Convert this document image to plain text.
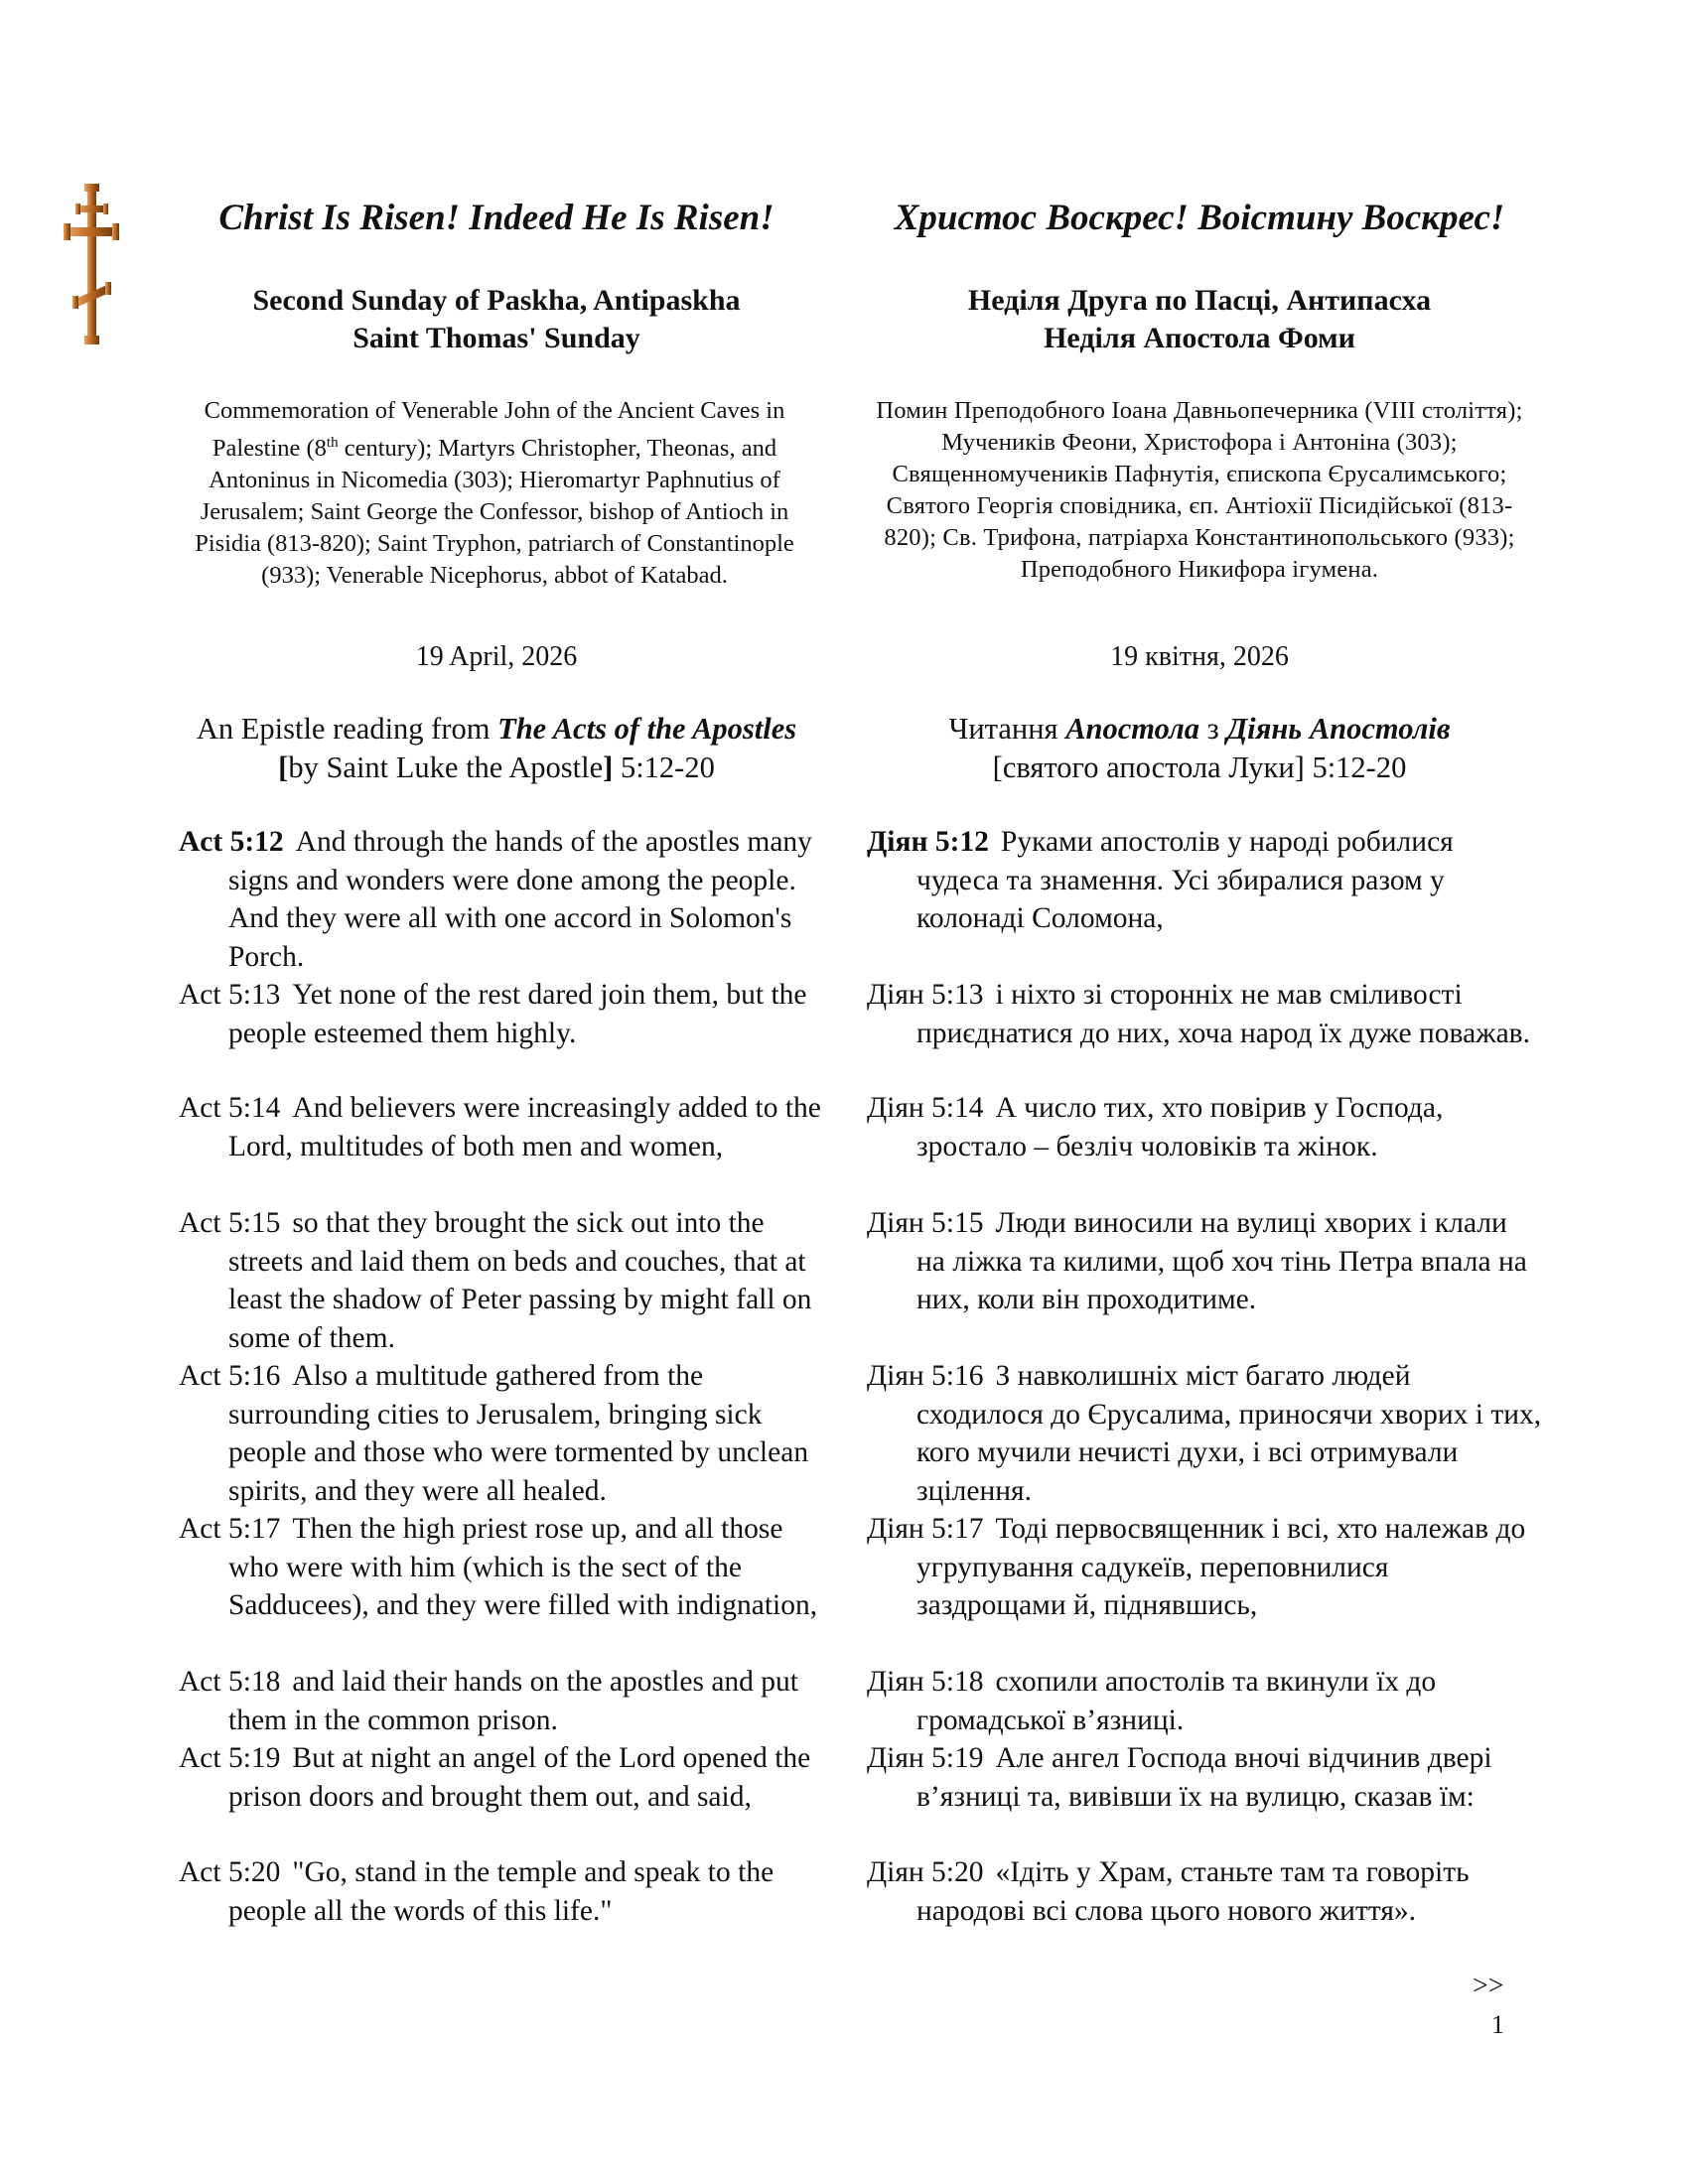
Christ Is Risen! Indeed He Is Risen!
Second Sunday of Paskha, Antipaskha
Saint Thomas' Sunday

Commemoration of Venerable John of the Ancient Caves in Palestine (8th century); Martyrs Christopher, Theonas, and Antoninus in Nicomedia (303); Hieromartyr Paphnutius of Jerusalem; Saint George the Confessor, bishop of Antioch in Pisidia (813-820); Saint Tryphon, patriarch of Constantinople (933); Venerable Nicephorus, abbot of Katabad.

19 April, 2026

An Epistle reading from The Acts of the Apostles [by Saint Luke the Apostle] 5:12-20

Христос Воскрес! Воістину Воскрес!
Неділя Друга по Пасці, Антипасха
Неділя Апостола Фоми

Помин Преподобного Іоана Давньопечерника (VIII століття); Мучеників Феони, Христофора і Антоніна (303); Священномучеників Пафнутія, єпископа Єрусалимського; Святого Георгія сповідника, єп. Антіохії Пісидійської (813-820); Св. Трифона, патріарха Константинопольського (933); Преподобного Никифора ігумена.

19 квітня, 2026

Читання Апостола з Діянь Апостолів
[святого апостола Луки] 5:12-20

Act 5:12 And through the hands of the apostles many signs and wonders were done among the people. And they were all with one accord in Solomon's Porch.

Act 5:13 Yet none of the rest dared join them, but the people esteemed them highly.

Act 5:14 And believers were increasingly added to the Lord, multitudes of both men and women,

Act 5:15 so that they brought the sick out into the streets and laid them on beds and couches, that at least the shadow of Peter passing by might fall on some of them.

Act 5:16 Also a multitude gathered from the surrounding cities to Jerusalem, bringing sick people and those who were tormented by unclean spirits, and they were all healed.

Act 5:17 Then the high priest rose up, and all those who were with him (which is the sect of the Sadducees), and they were filled with indignation,

Act 5:18 and laid their hands on the apostles and put them in the common prison.

Act 5:19 But at night an angel of the Lord opened the prison doors and brought them out, and said,

Act 5:20 "Go, stand in the temple and speak to the people all the words of this life."

Діян 5:12 Руками апостолів у народі робилися чудеса та знамення. Усі збиралися разом у колонаді Соломона,

Діян 5:13 і ніхто зі сторонніх не мав сміливості приєднатися до них, хоча народ їх дуже поважав.

Діян 5:14 А число тих, хто повірив у Господа, зростало – безліч чоловіків та жінок.

Діян 5:15 Люди виносили на вулиці хворих і клали на ліжка та килими, щоб хоч тінь Петра впала на них, коли він проходитиме.

Діян 5:16 З навколишніх міст багато людей сходилося до Єрусалима, приносячи хворих і тих, кого мучили нечисті духи, і всі отримували зцілення.

Діян 5:17 Тоді первосвященник і всі, хто належав до угрупування садукеїв, переповнилися заздрощами й, піднявшись,

Діян 5:18 схопили апостолів та вкинули їх до громадської в’язниці.

Діян 5:19 Але ангел Господа вночі відчинив двері в’язниці та, вивівши їх на вулицю, сказав їм:

Діян 5:20 «Ідіть у Храм, станьте там та говоріть народові всі слова цього нового життя».

>>
1
